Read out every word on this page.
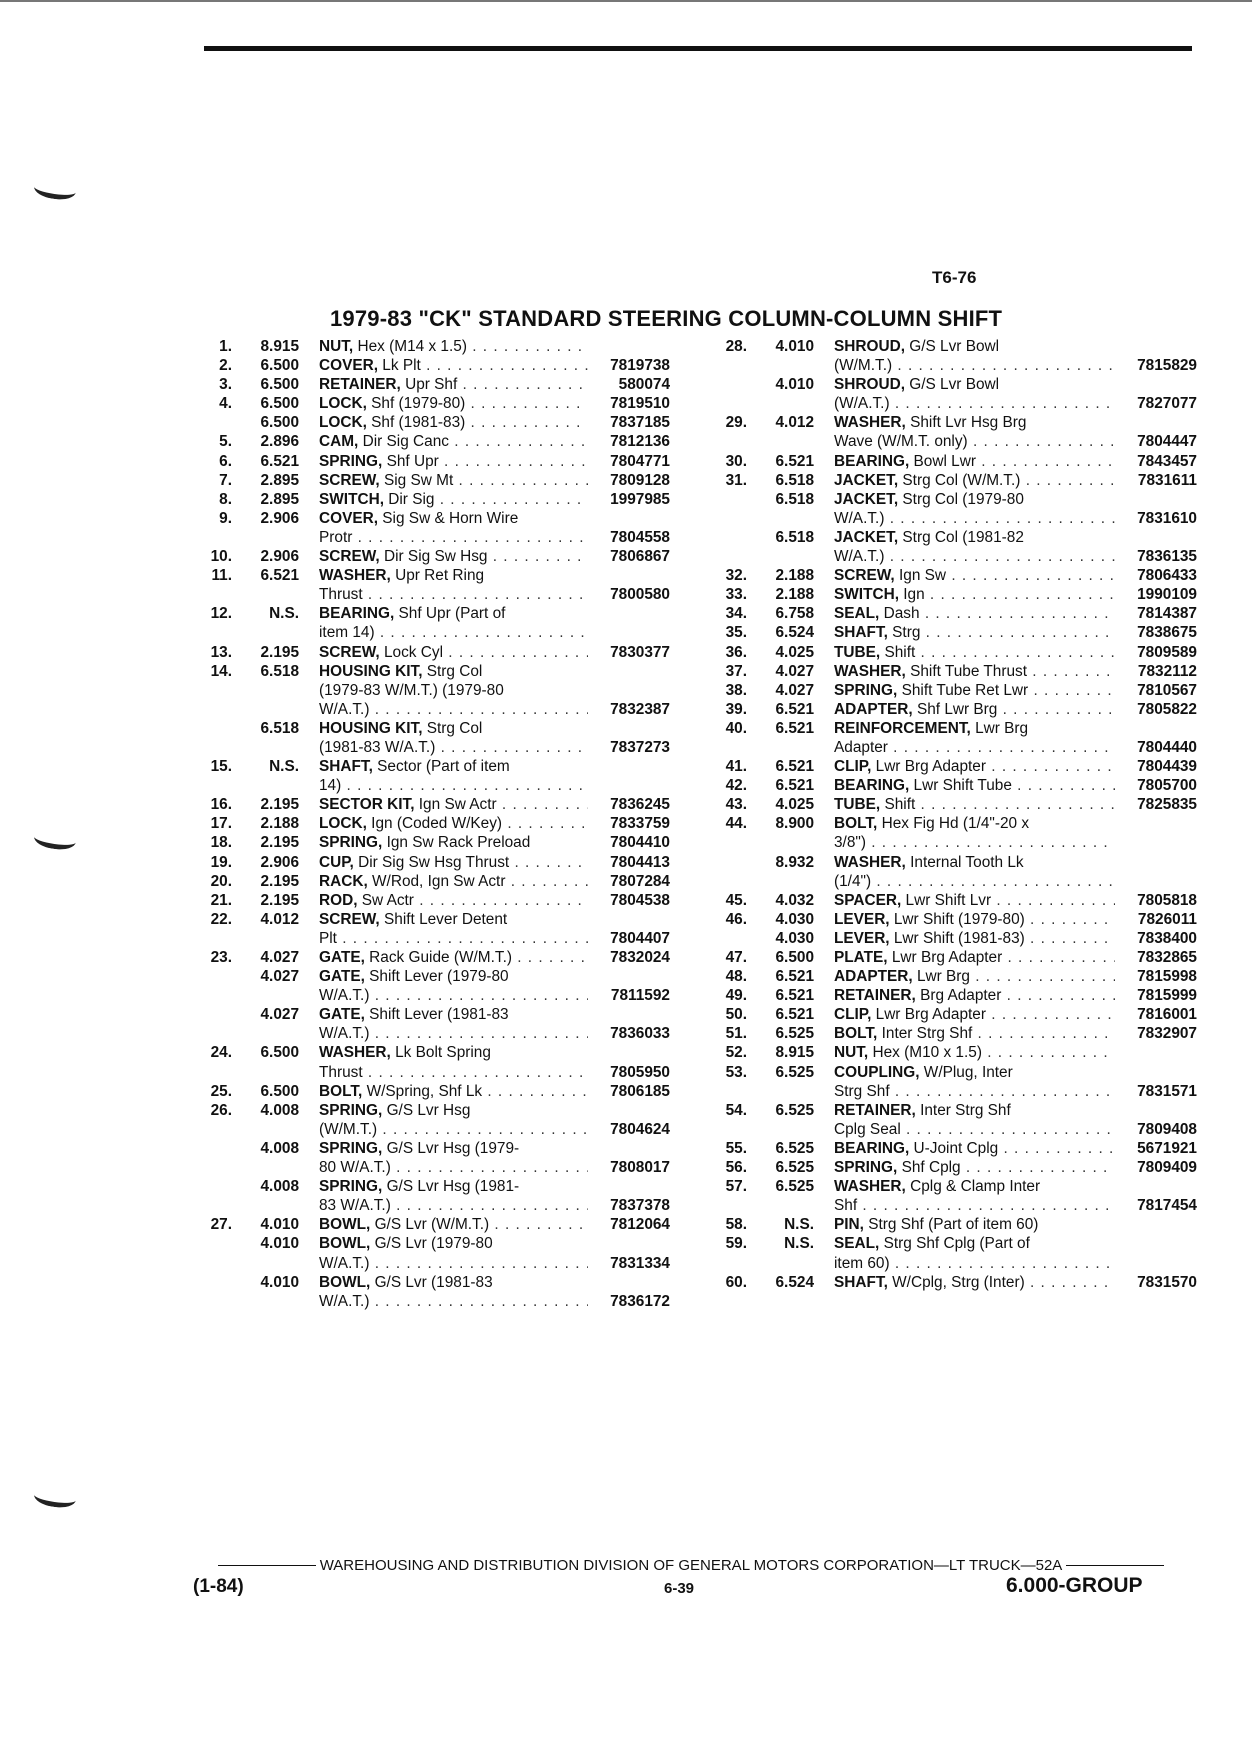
T6-76
1979-83 "CK" STANDARD STEERING COLUMN-COLUMN SHIFT
1.	8.915	NUT, Hex (M14 x 1.5) . . .
2.	6.500	COVER, Lk Plt . . .	7819738
3.	6.500	RETAINER, Upr Shf . . .	580074
4.	6.500	LOCK, Shf (1979-80) . . .	7819510
6.500	LOCK, Shf (1981-83) . . .	7837185
5.	2.896	CAM, Dir Sig Canc . . .	7812136
6.	6.521	SPRING, Shf Upr . . .	7804771
7.	2.895	SCREW, Sig Sw Mt . . .	7809128
8.	2.895	SWITCH, Dir Sig . . .	1997985
9.	2.906	COVER, Sig Sw & Horn Wire
Protr . . .	7804558
10.	2.906	SCREW, Dir Sig Sw Hsg . . .	7806867
11.	6.521	WASHER, Upr Ret Ring
Thrust . . .	7800580
12.	N.S.	BEARING, Shf Upr (Part of
item 14) . . .
13.	2.195	SCREW, Lock Cyl . . .	7830377
14.	6.518	HOUSING KIT, Strg Col
(1979-83 W/M.T.) (1979-80
W/A.T.) . . .	7832387
6.518	HOUSING KIT, Strg Col
(1981-83 W/A.T.) . . .	7837273
15.	N.S.	SHAFT, Sector (Part of item
14) . . .
16.	2.195	SECTOR KIT, Ign Sw Actr . . .	7836245
17.	2.188	LOCK, Ign (Coded W/Key) . . .	7833759
18.	2.195	SPRING, Ign Sw Rack Preload	7804410
19.	2.906	CUP, Dir Sig Sw Hsg Thrust . . .	7804413
20.	2.195	RACK, W/Rod, Ign Sw Actr . . .	7807284
21.	2.195	ROD, Sw Actr . . .	7804538
22.	4.012	SCREW, Shift Lever Detent
Plt . . .	7804407
23.	4.027	GATE, Rack Guide (W/M.T.) . . .	7832024
4.027	GATE, Shift Lever (1979-80
W/A.T.) . . .	7811592
4.027	GATE, Shift Lever (1981-83
W/A.T.) . . .	7836033
24.	6.500	WASHER, Lk Bolt Spring
Thrust . . .	7805950
25.	6.500	BOLT, W/Spring, Shf Lk . . .	7806185
26.	4.008	SPRING, G/S Lvr Hsg
(W/M.T.) . . .	7804624
4.008	SPRING, G/S Lvr Hsg (1979-
80 W/A.T.) . . .	7808017
4.008	SPRING, G/S Lvr Hsg (1981-
83 W/A.T.) . . .	7837378
27.	4.010	BOWL, G/S Lvr (W/M.T.) . . .	7812064
4.010	BOWL, G/S Lvr (1979-80
W/A.T.) . . .	7831334
4.010	BOWL, G/S Lvr (1981-83
W/A.T.) . . .	7836172
28.	4.010	SHROUD, G/S Lvr Bowl
(W/M.T.) . . .	7815829
4.010	SHROUD, G/S Lvr Bowl
(W/A.T.) . . .	7827077
29.	4.012	WASHER, Shift Lvr Hsg Brg
Wave (W/M.T. only) . . .	7804447
30.	6.521	BEARING, Bowl Lwr . . .	7843457
31.	6.518	JACKET, Strg Col (W/M.T.) . . .	7831611
6.518	JACKET, Strg Col (1979-80
W/A.T.) . . .	7831610
6.518	JACKET, Strg Col (1981-82
W/A.T.) . . .	7836135
32.	2.188	SCREW, Ign Sw . . .	7806433
33.	2.188	SWITCH, Ign . . .	1990109
34.	6.758	SEAL, Dash . . .	7814387
35.	6.524	SHAFT, Strg . . .	7838675
36.	4.025	TUBE, Shift . . .	7809589
37.	4.027	WASHER, Shift Tube Thrust . . .	7832112
38.	4.027	SPRING, Shift Tube Ret Lwr . . .	7810567
39.	6.521	ADAPTER, Shf Lwr Brg . . .	7805822
40.	6.521	REINFORCEMENT, Lwr Brg
Adapter . . .	7804440
41.	6.521	CLIP, Lwr Brg Adapter . . .	7804439
42.	6.521	BEARING, Lwr Shift Tube . . .	7805700
43.	4.025	TUBE, Shift . . .	7825835
44.	8.900	BOLT, Hex Fig Hd (1/4"-20 x
3/8") . . .
8.932	WASHER, Internal Tooth Lk
(1/4") . . .
45.	4.032	SPACER, Lwr Shift Lvr . . .	7805818
46.	4.030	LEVER, Lwr Shift (1979-80) . . .	7826011
4.030	LEVER, Lwr Shift (1981-83) . . .	7838400
47.	6.500	PLATE, Lwr Brg Adapter . . .	7832865
48.	6.521	ADAPTER, Lwr Brg . . .	7815998
49.	6.521	RETAINER, Brg Adapter . . .	7815999
50.	6.521	CLIP, Lwr Brg Adapter . . .	7816001
51.	6.525	BOLT, Inter Strg Shf . . .	7832907
52.	8.915	NUT, Hex (M10 x 1.5) . . .
53.	6.525	COUPLING, W/Plug, Inter
Strg Shf . . .	7831571
54.	6.525	RETAINER, Inter Strg Shf
Cplg Seal . . .	7809408
55.	6.525	BEARING, U-Joint Cplg . . .	5671921
56.	6.525	SPRING, Shf Cplg . . .	7809409
57.	6.525	WASHER, Cplg & Clamp Inter
Shf . . .	7817454
58.	N.S.	PIN, Strg Shf (Part of item 60)
59.	N.S.	SEAL, Strg Shf Cplg (Part of
item 60) . . .
60.	6.524	SHAFT, W/Cplg, Strg (Inter) . . .	7831570
WAREHOUSING AND DISTRIBUTION DIVISION OF GENERAL MOTORS CORPORATION—LT TRUCK—52A
(1-84)	6-39	6.000-GROUP
